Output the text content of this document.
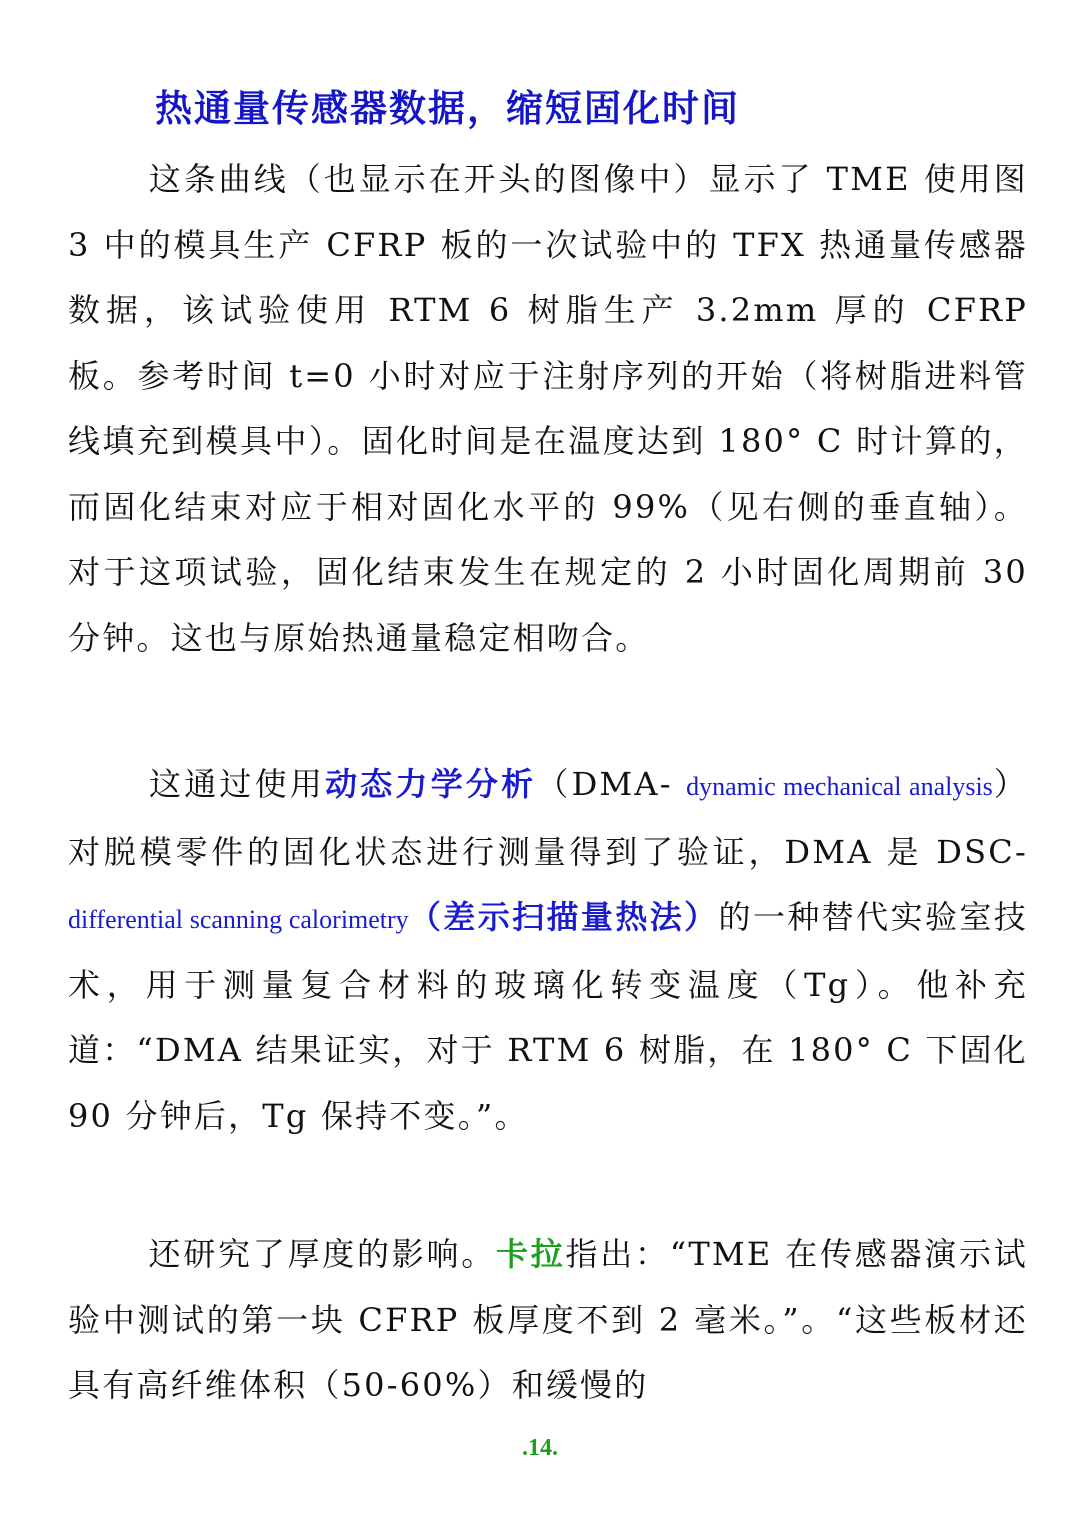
热通量传感器数据，缩短固化时间
这条曲线（也显示在开头的图像中）显示了 TME 使用图 3 中的模具生产 CFRP 板的一次试验中的 TFX 热通量传感器数据，该试验使用 RTM 6 树脂生产 3.2mm 厚的 CFRP 板。参考时间 t=0 小时对应于注射序列的开始（将树脂进料管线填充到模具中）。固化时间是在温度达到 180° C 时计算的，而固化结束对应于相对固化水平的 99%（见右侧的垂直轴）。对于这项试验，固化结束发生在规定的 2 小时固化周期前 30 分钟。这也与原始热通量稳定相吻合。
这通过使用动态力学分析（DMA- dynamic mechanical analysis）对脱模零件的固化状态进行测量得到了验证，DMA 是 DSC-differential scanning calorimetry（差示扫描量热法）的一种替代实验室技术，用于测量复合材料的玻璃化转变温度（Tg）。他补充道：“DMA 结果证实，对于 RTM 6 树脂，在 180° C 下固化 90 分钟后，Tg 保持不变。”。
还研究了厚度的影响。卡拉指出：“TME 在传感器演示试验中测试的第一块 CFRP 板厚度不到 2 毫米。”。“这些板材还具有高纤维体积（50-60%）和缓慢的
.14.
